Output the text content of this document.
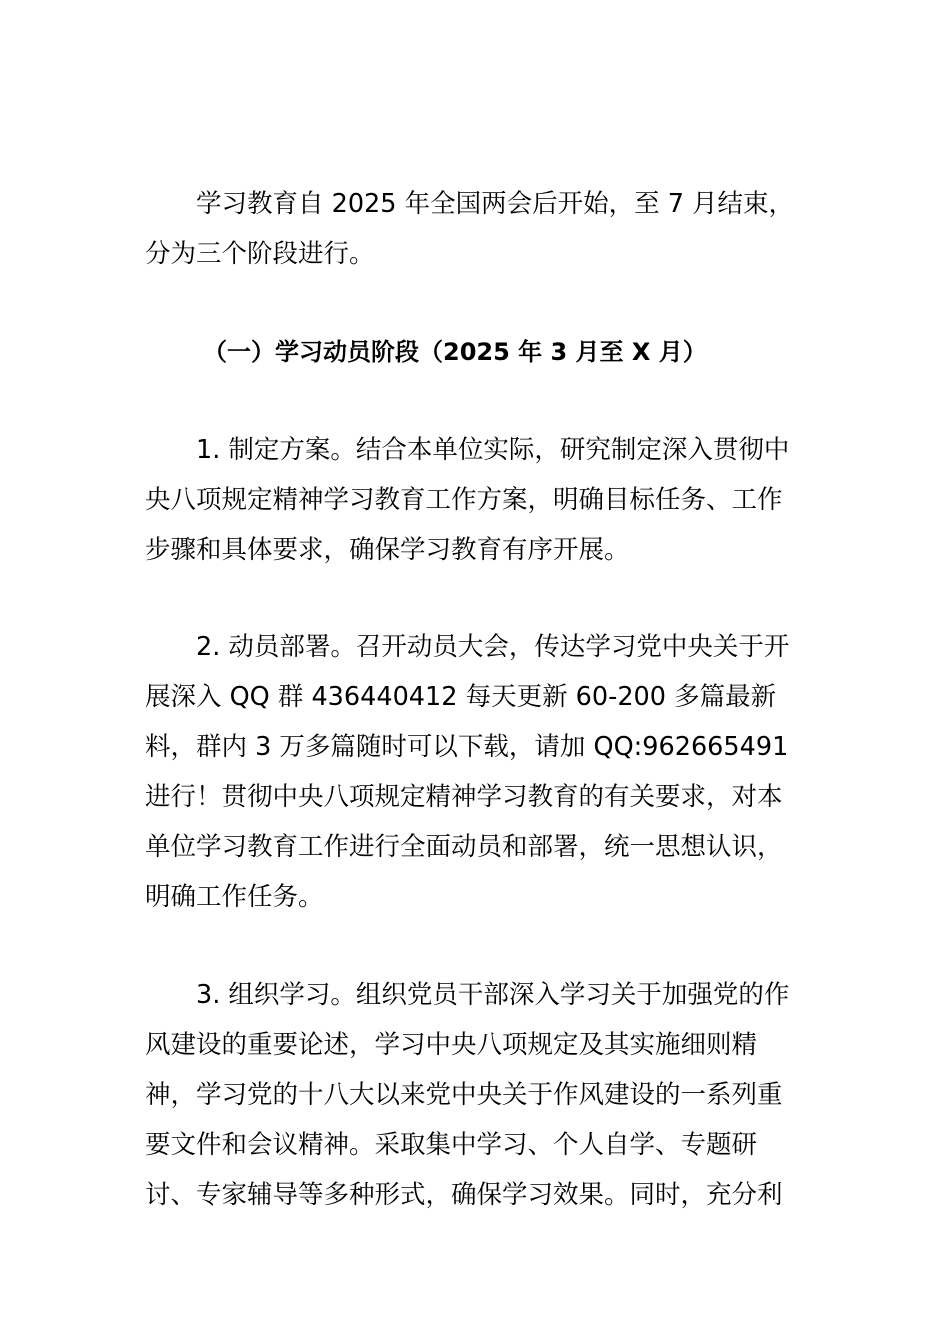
学习教育自 2025 年全国两会后开始，至 7 月结束，
分为三个阶段进行。
（一）学习动员阶段（2025 年 3 月至 X 月）
1. 制定方案。结合本单位实际，研究制定深入贯彻中
央八项规定精神学习教育工作方案，明确目标任务、工作
步骤和具体要求，确保学习教育有序开展。
2. 动员部署。召开动员大会，传达学习党中央关于开
展深入 QQ 群 436440412 每天更新 60-200 多篇最新
料，群内 3 万多篇随时可以下载，请加 QQ:962665491
进行！贯彻中央八项规定精神学习教育的有关要求，对本
单位学习教育工作进行全面动员和部署，统一思想认识，
明确工作任务。
3. 组织学习。组织党员干部深入学习关于加强党的作
风建设的重要论述，学习中央八项规定及其实施细则精
神，学习党的十八大以来党中央关于作风建设的一系列重
要文件和会议精神。采取集中学习、个人自学、专题研
讨、专家辅导等多种形式，确保学习效果。同时，充分利
